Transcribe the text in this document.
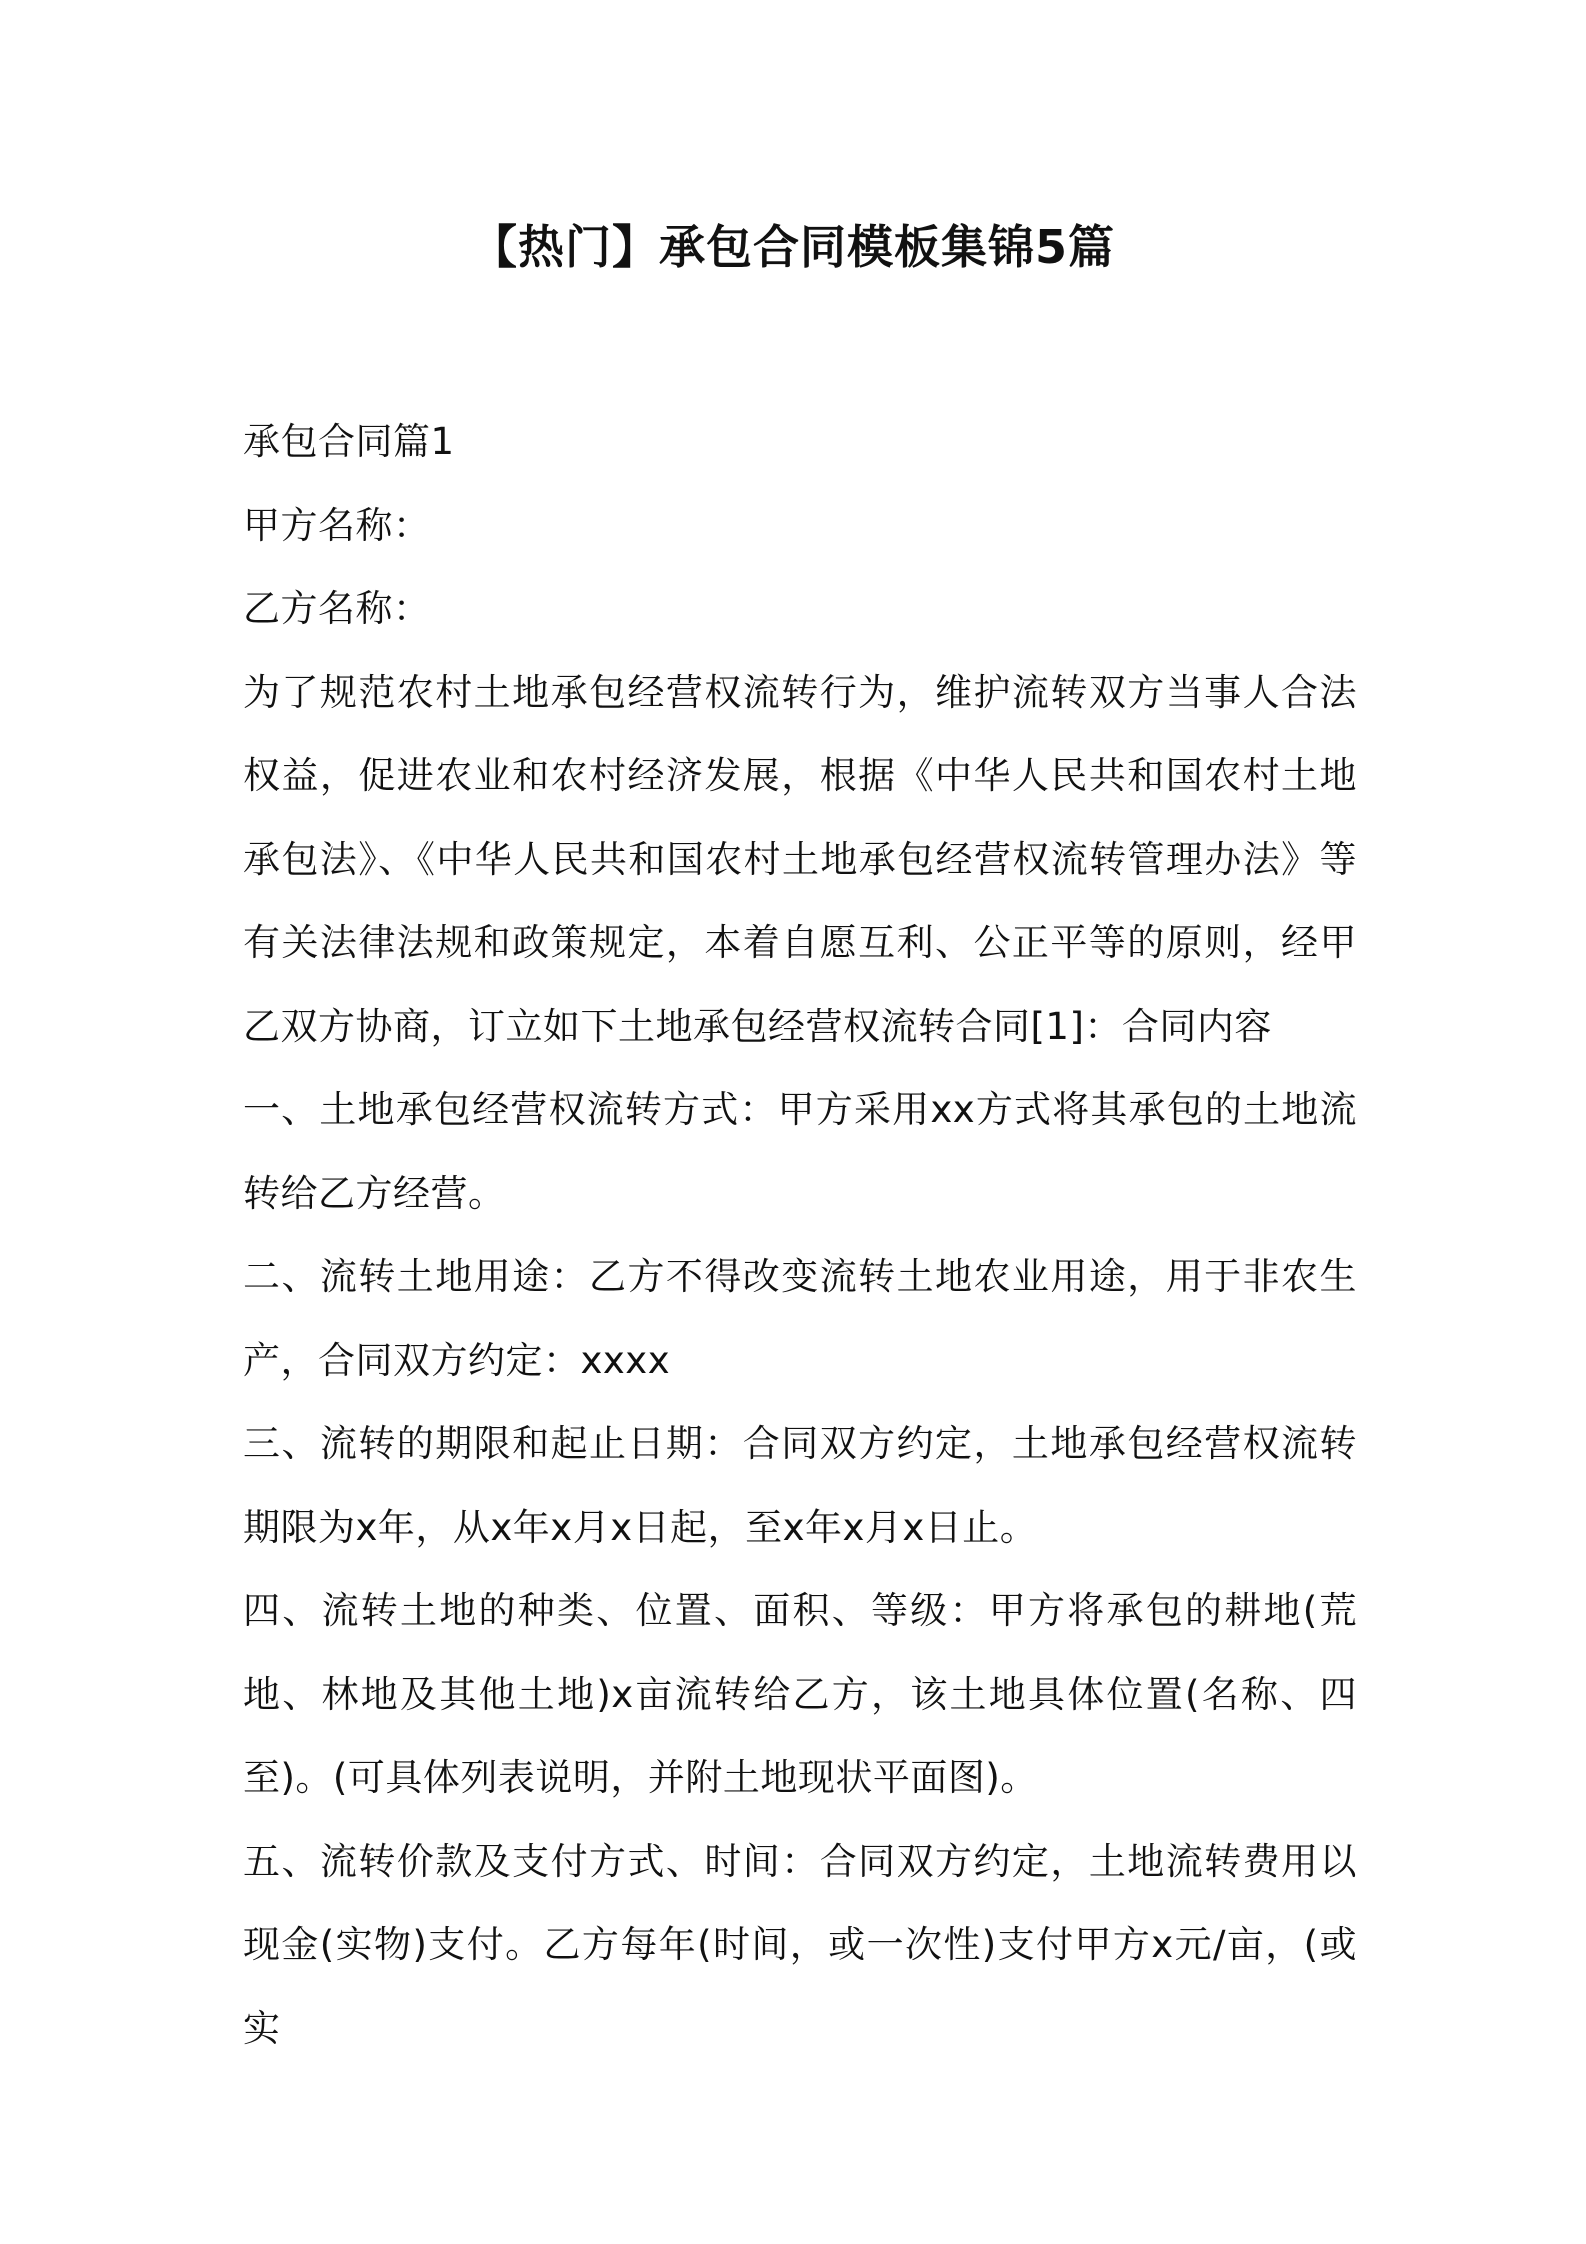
【热门】承包合同模板集锦5篇

承包合同篇1

甲方名称：

乙方名称：

为了规范农村土地承包经营权流转行为，维护流转双方当事人合法权益，促进农业和农村经济发展，根据《中华人民共和国农村土地承包法》、《中华人民共和国农村土地承包经营权流转管理办法》等有关法律法规和政策规定，本着自愿互利、公正平等的原则，经甲乙双方协商，订立如下土地承包经营权流转合同[1]：合同内容

一、土地承包经营权流转方式：甲方采用xx方式将其承包的土地流转给乙方经营。

二、流转土地用途：乙方不得改变流转土地农业用途，用于非农生产，合同双方约定：xxxx

三、流转的期限和起止日期：合同双方约定，土地承包经营权流转期限为x年，从x年x月x日起，至x年x月x日止。

四、流转土地的种类、位置、面积、等级：甲方将承包的耕地(荒地、林地及其他土地)x亩流转给乙方，该土地具体位置(名称、四至)。(可具体列表说明，并附土地现状平面图)。

五、流转价款及支付方式、时间：合同双方约定，土地流转费用以现金(实物)支付。乙方每年(时间，或一次性)支付甲方x元/亩，(或实
